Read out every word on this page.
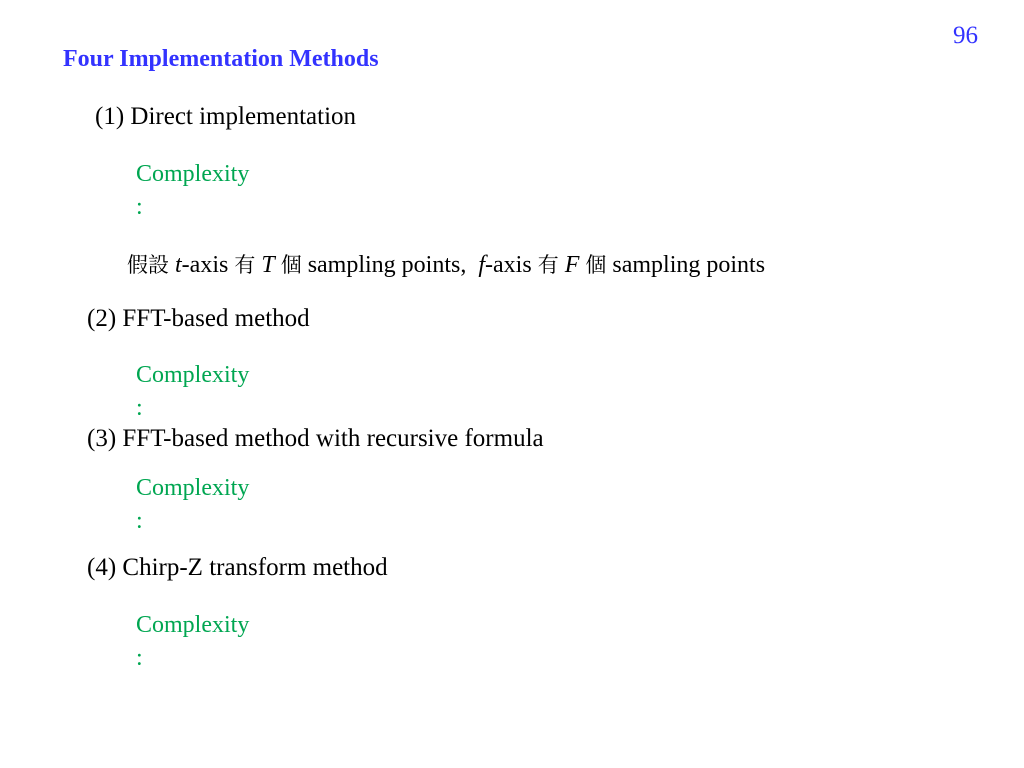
96
Four Implementation Methods
(1) Direct implementation
Complexity
:
假設 t-axis 有 T 個 sampling points, f-axis 有 F 個 sampling points
(2) FFT-based method
Complexity
:
(3) FFT-based method with recursive formula
Complexity
:
(4) Chirp-Z transform method
Complexity
:
